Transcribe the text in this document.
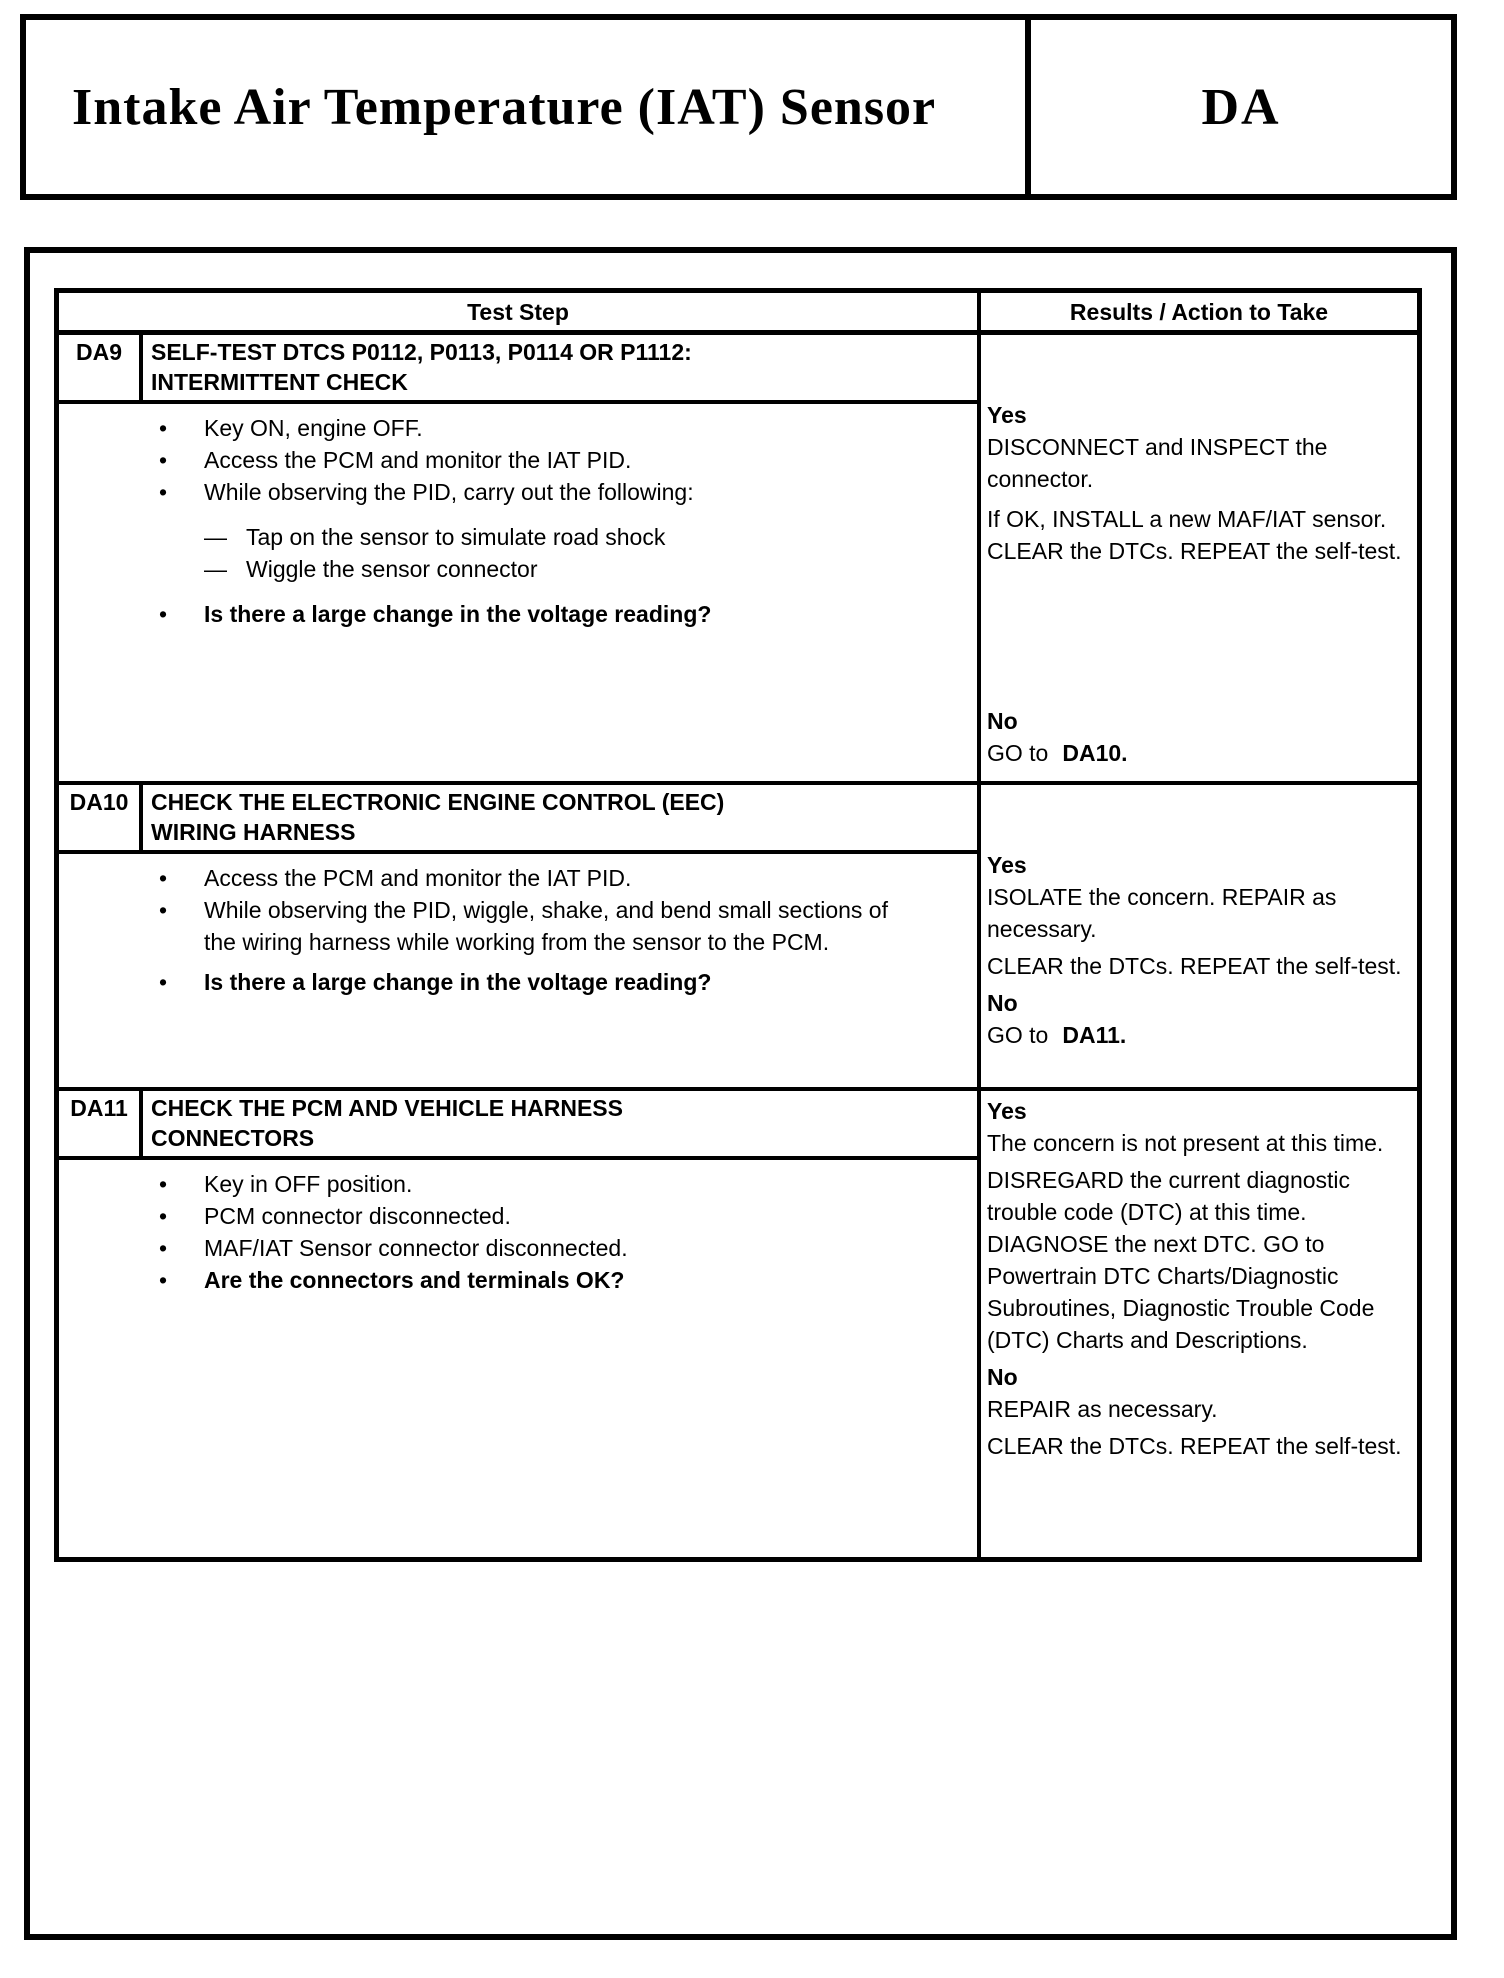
Intake Air Temperature (IAT) Sensor	DA
Test Step	Results / Action to Take
DA9	SELF-TEST DTCS P0112, P0113, P0114 OR P1112:
INTERMITTENT CHECK
•	Key ON, engine OFF.
•	Access the PCM and monitor the IAT PID.
•	While observing the PID, carry out the following:
— Tap on the sensor to simulate road shock
— Wiggle the sensor connector
•	Is there a large change in the voltage reading?

Yes

DISCONNECT and INSPECT the connector.

If OK, INSTALL a new MAF/IAT sensor. CLEAR the DTCs. REPEAT the self-test.

No

GO to DA10.

DA10 CHECK THE ELECTRONIC ENGINE CONTROL (EEC)
WIRING HARNESS
•	Access the PCM and monitor the IAT PID.
•	While observing the PID, wiggle, shake, and bend small sections of the wiring harness while working from the sensor to the PCM.
•	Is there a large change in the voltage reading?

Yes

ISOLATE the concern. REPAIR as necessary.

CLEAR the DTCs. REPEAT the self-test.

No

GO to DA11.

DA11	CHECK THE PCM AND VEHICLE HARNESS
CONNECTORS
•	Key in OFF position.
•	PCM connector disconnected.
•	MAF/IAT Sensor connector disconnected.
•	Are the connectors and terminals OK?

Yes

The concern is not present at this time.

DISREGARD the current diagnostic trouble code (DTC) at this time. DIAGNOSE the next DTC. GO to Powertrain DTC Charts/Diagnostic Subroutines, Diagnostic Trouble Code (DTC) Charts and Descriptions.

No

REPAIR as necessary.

CLEAR the DTCs. REPEAT the self-test.
